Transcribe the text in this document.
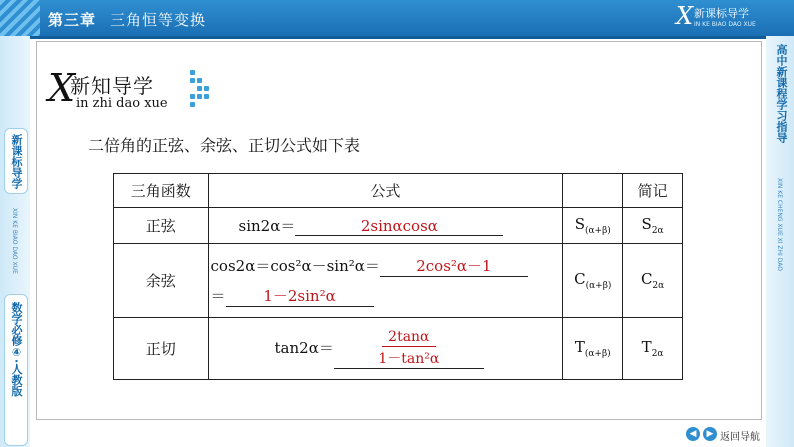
第三章 三角恒等变换	X 新课标导学
IN KE BIAO DAO XUE
新课标导学
XIN KE BIAO DAO XUE
数学必修④·人教版
高中新课程学习指导
XIN KE CHENG XUE XI ZHI DAO
X
新知导学
in zhi dao xue
二倍角的正弦、余弦、正切公式如下表
三角函数	公式		简记
正弦	sin2α＝ 2sinαcosα	$S_{(\alpha+\beta)}$	$S_{2\alpha}$
余弦	cos2α＝cos²α－sin²α＝ 2cos²α－1
＝ 1－2sin²α	$C_{(\alpha+\beta)}$	$C_{2\alpha}$
正切	$\tan 2\alpha= \frac{2\tan\alpha}{\text{1－tan²α}}$	$T_{(\alpha+\beta)}$	$T_{2\alpha}$
◀	▶ 返回导航
